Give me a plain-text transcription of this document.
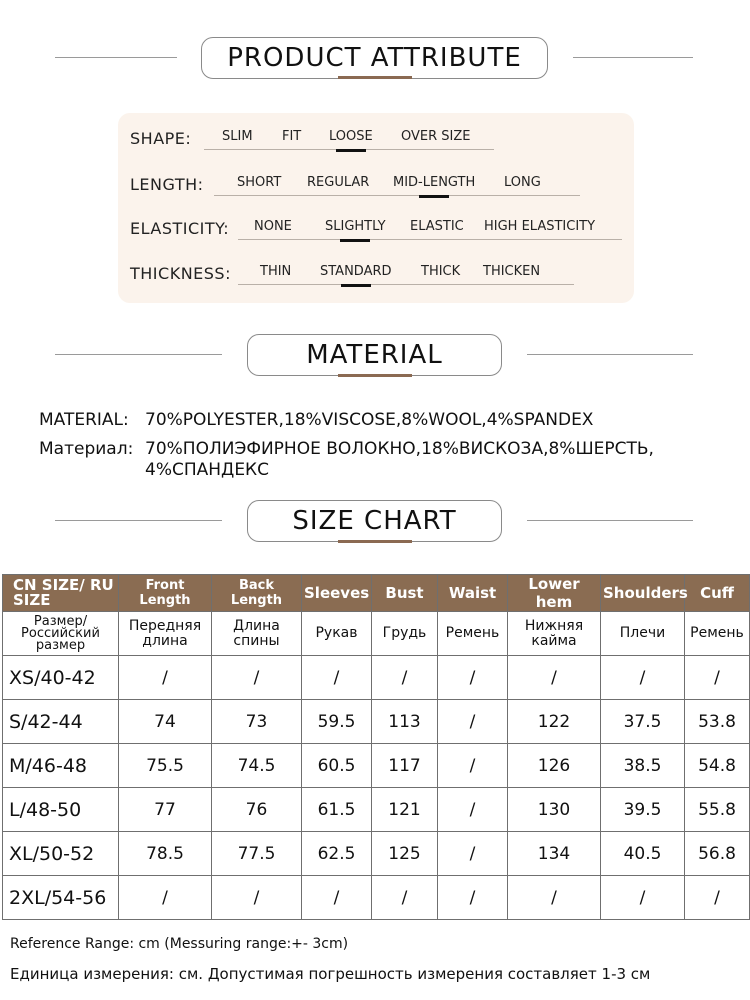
PRODUCT ATTRIBUTE
SHAPE: SLIM FIT LOOSE OVER SIZE
LENGTH:	SHORT REGULAR MID-LENGTH LONG
ELASTICITY: NONE	SLIGHTLY ELASTIC HIGH ELASTICITY
THICKNESS: THIN STANDARD THICK THICKEN
MATERIAL
MATERIAL: 70%POLYESTER,18%VISCOSE,8%WOOL,4%SPANDEX
Материал: 70%ПОЛИЭФИРНОЕ ВОЛОКНО,18%ВИСКОЗА,8%ШЕРСТЬ,
4%СПАНДЕКС
SIZE CHART
CN SIZE/ RU SIZE	Front Length	Back Length	Sleeves	Bust	Waist	Lower hem	Shoulders	Cuff
Размер/ Российский размер	Передняя длина	Длина спины	Рукав	Грудь	Ремень	Нижняя кайма	Плечи	Ремень
XS/40-42	/	/	/	/	/	/	/	/
S/42-44	74	73	59.5	113	/	122	37.5	53.8
M/46-48	75.5	74.5	60.5	117	/	126	38.5	54.8
L/48-50	77	76	61.5	121	/	130	39.5	55.8
XL/50-52	78.5	77.5	62.5	125	/	134	40.5	56.8
2XL/54-56	/	/	/	/	/	/	/	/
Reference Range: cm (Messuring range:+- 3cm)
Единица измерения: см. Допустимая погрешность измерения составляет 1-3 см
